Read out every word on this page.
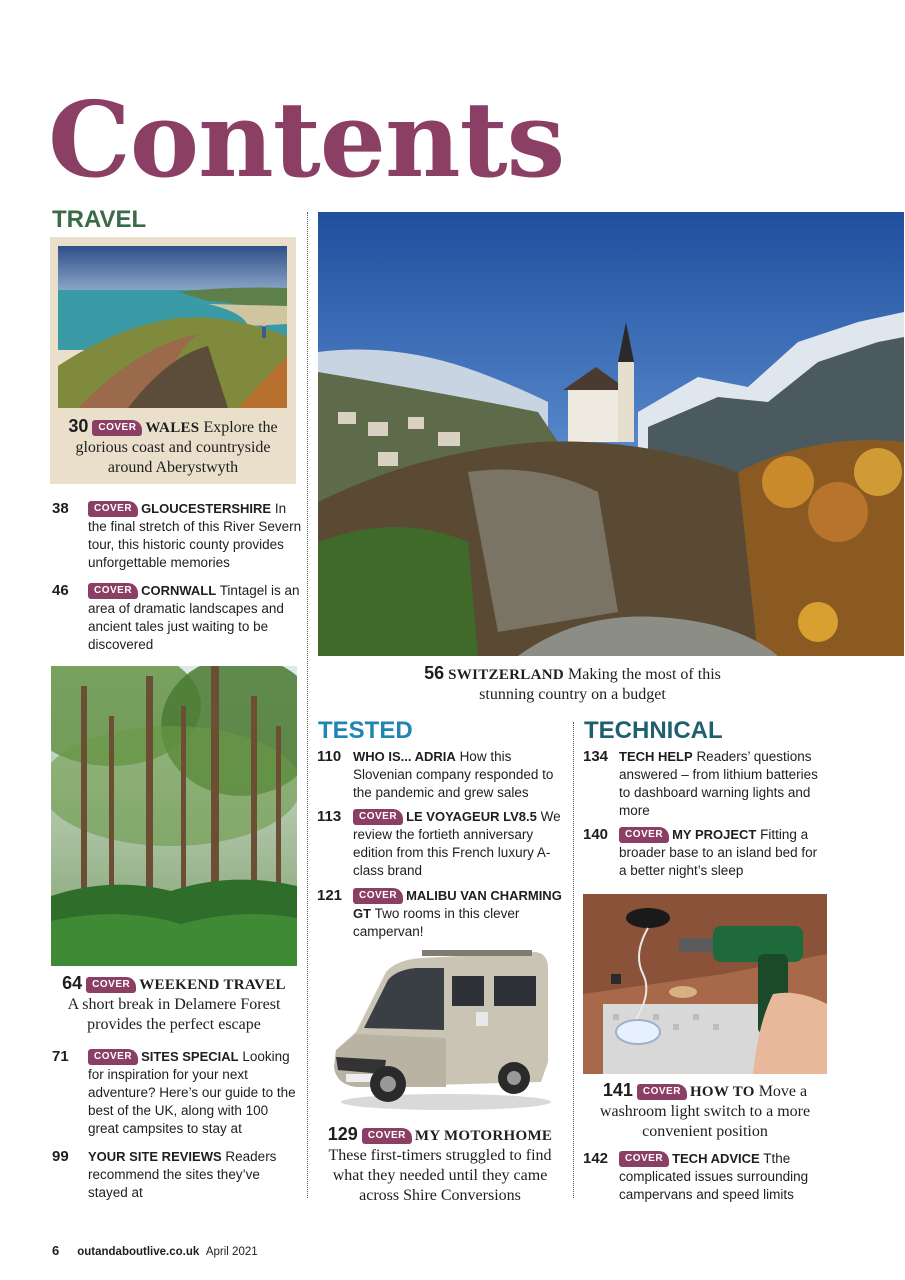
Contents
TRAVEL
30 COVER WALES Explore the glorious coast and countryside around Aberystwyth
38	COVER GLOUCESTERSHIRE In the final stretch of this River Severn tour, this historic county provides unforgettable memories
46	COVER CORNWALL Tintagel is an area of dramatic landscapes and ancient tales just waiting to be discovered
64 COVER WEEKEND TRAVEL
A short break in Delamere Forest provides the perfect escape
71	COVER SITES SPECIAL Looking for inspiration for your next adventure? Here’s our guide to the best of the UK, along with 100 great campsites to stay at
99 YOUR SITE REVIEWS Readers recommend the sites they’ve stayed at
56 SWITZERLAND Making the most of this stunning country on a budget
TESTED
110 WHO IS... ADRIA How this Slovenian company responded to the pandemic and grew sales
113	COVER LE VOYAGEUR LV8.5 We review the fortieth anniversary edition from this French luxury A-class brand
121	COVER MALIBU VAN CHARMING GT Two rooms in this clever campervan!
129 COVER MY MOTORHOME These first-timers struggled to find what they needed until they came across Shire Conversions
TECHNICAL
134 TECH HELP Readers’ questions answered – from lithium batteries to dashboard warning lights and more
140	COVER MY PROJECT Fitting a broader base to an island bed for a better night’s sleep
141 COVER HOW TO Move a washroom light switch to a more convenient position
142	COVER TECH ADVICE Tthe complicated issues surrounding campervans and speed limits
6 outandaboutlive.co.uk April 2021
